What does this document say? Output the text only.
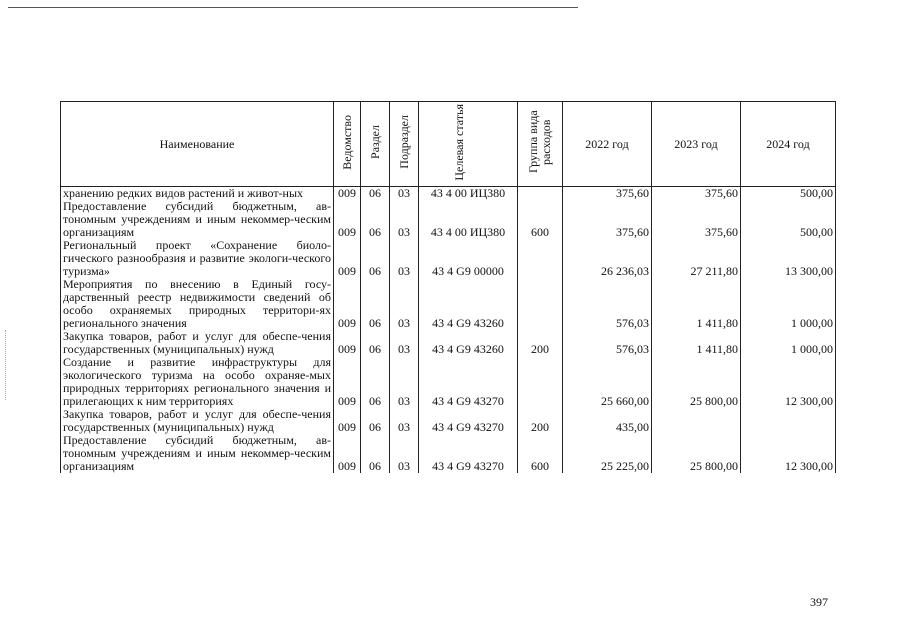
Наименование	Ведомство	Раздел	Подраздел	Целевая статья	Группа вида расходов	2022 год	2023 год	2024 год
хранению редких видов растений и живот-ных	009	06	03	43 4 00 ИЦ380		375,60	375,60	500,00
Предоставление субсидий бюджетным, ав-тономным учреждениям и иным некоммер-ческим организациям	009	06	03	43 4 00 ИЦ380	600	375,60	375,60	500,00
Региональный проект «Сохранение биоло-гического разнообразия и развитие экологи-ческого туризма»	009	06	03	43 4 G9 00000		26 236,03	27 211,80	13 300,00
Мероприятия по внесению в Единый госу-дарственный реестр недвижимости сведений об особо охраняемых природных территори-ях регионального значения	009	06	03	43 4 G9 43260		576,03	1 411,80	1 000,00
Закупка товаров, работ и услуг для обеспе-чения государственных (муниципальных) нужд	009	06	03	43 4 G9 43260	200	576,03	1 411,80	1 000,00
Создание и развитие инфраструктуры для экологического туризма на особо охраняе-мых природных территориях регионального значения и прилегающих к ним территориях	009	06	03	43 4 G9 43270		25 660,00	25 800,00	12 300,00
Закупка товаров, работ и услуг для обеспе-чения государственных (муниципальных) нужд	009	06	03	43 4 G9 43270	200	435,00		
Предоставление субсидий бюджетным, ав-тономным учреждениям и иным некоммер-ческим организациям	009	06	03	43 4 G9 43270	600	25 225,00	25 800,00	12 300,00
397
